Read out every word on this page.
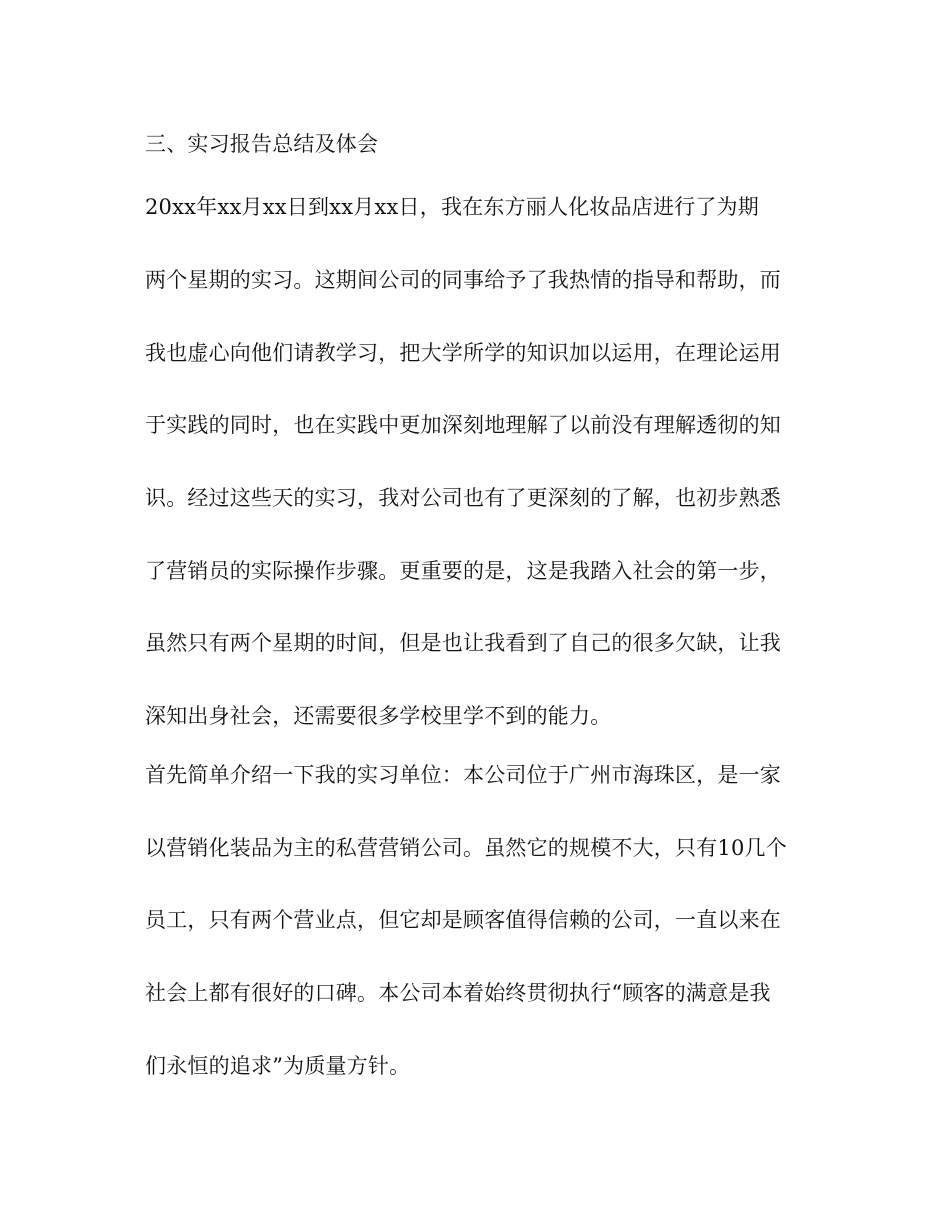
三、实习报告总结及体会
20xx年xx月xx日到xx月xx日，我在东方丽人化妆品店进行了为期
两个星期的实习。这期间公司的同事给予了我热情的指导和帮助，而
我也虚心向他们请教学习，把大学所学的知识加以运用，在理论运用
于实践的同时，也在实践中更加深刻地理解了以前没有理解透彻的知
识。经过这些天的实习，我对公司也有了更深刻的了解，也初步熟悉
了营销员的实际操作步骤。更重要的是，这是我踏入社会的第一步，
虽然只有两个星期的时间，但是也让我看到了自己的很多欠缺，让我
深知出身社会，还需要很多学校里学不到的能力。
首先简单介绍一下我的实习单位：本公司位于广州市海珠区，是一家
以营销化装品为主的私营营销公司。虽然它的规模不大，只有10几个
员工，只有两个营业点，但它却是顾客值得信赖的公司，一直以来在
社会上都有很好的口碑。本公司本着始终贯彻执行“顾客的满意是我
们永恒的追求”为质量方针。
